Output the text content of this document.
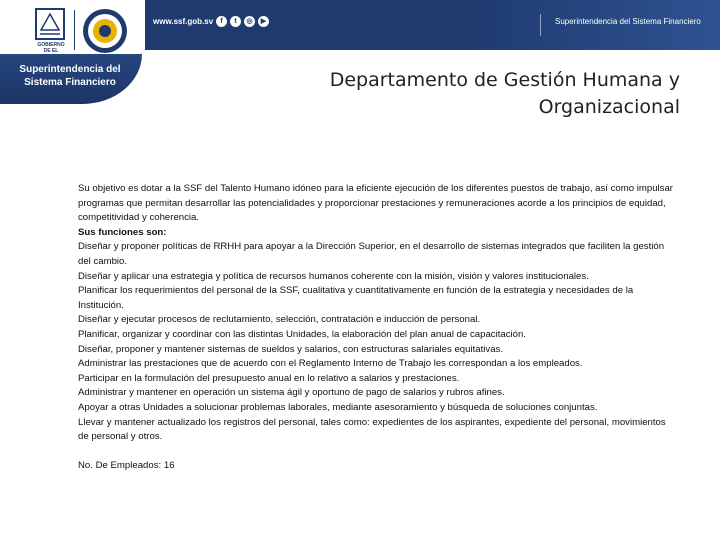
www.ssf.gob.sv	f	t	◎	▶	Superintendencia del Sistema Financiero
GOBIERNO
DE EL
Superintendencia del
Sistema Financiero	Departamento de Gestión Humana y
Organizacional

Su objetivo es dotar a la SSF del Talento Humano idóneo para la eficiente ejecución de los diferentes puestos de trabajo, así como impulsar programas que permitan desarrollar las potencialidades y proporcionar prestaciones y remuneraciones acorde a los principios de equidad, competitividad y coherencia.

Sus funciones son:

Diseñar y proponer políticas de RRHH para apoyar a la Dirección Superior, en el desarrollo de sistemas integrados que faciliten la gestión del cambio.

Diseñar y aplicar una estrategia y política de recursos humanos coherente con la misión, visión y valores institucionales.

Planificar los requerimientos del personal de la SSF, cualitativa y cuantitativamente en función de la estrategia y necesidades de la Institución.

Diseñar y ejecutar procesos de reclutamiento, selección, contratación e inducción de personal.

Planificar, organizar y coordinar con las distintas Unidades, la elaboración del plan anual de capacitación.

Diseñar, proponer y mantener sistemas de sueldos y salarios, con estructuras salariales equitativas.

Administrar las prestaciones que de acuerdo con el Reglamento Interno de Trabajo les correspondan a los empleados.

Participar en la formulación del presupuesto anual en lo relativo a salarios y prestaciones.

Administrar y mantener en operación un sistema ágil y oportuno de pago de salarios y rubros afines.

Apoyar a otras Unidades a solucionar problemas laborales, mediante asesoramiento y búsqueda de soluciones conjuntas.

Llevar y mantener actualizado los registros del personal, tales como: expedientes de los aspirantes, expediente del personal, movimientos de personal y otros.

No. De Empleados: 16
